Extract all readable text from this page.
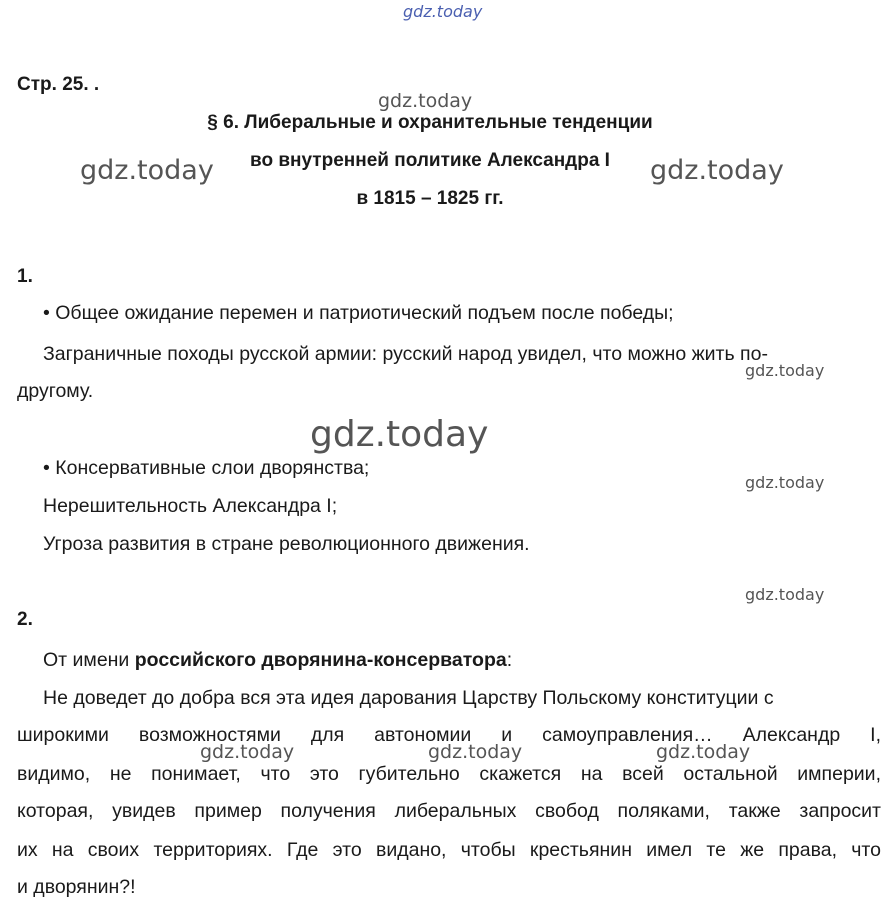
gdz.today
gdz.today
gdz.today	gdz.today
gdz.today
gdz.today
gdz.today
gdz.today
gdz.today	gdz.today	gdz.today
Стр. 25. .
§ 6. Либеральные и охранительные тенденции
во внутренней политике Александра I
в 1815 – 1825 гг.
1.
• Общее ожидание перемен и патриотический подъем после победы;
Заграничные походы русской армии: русский народ увидел, что можно жить по-
другому.
• Консервативные слои дворянства;
Нерешительность Александра I;
Угроза развития в стране революционного движения.
2.
От имени российского дворянина-консерватора:
Не доведет до добра вся эта идея дарования Царству Польскому конституции с
широкими возможностями для автономии и самоуправления… Александр I,
видимо, не понимает, что это губительно скажется на всей остальной империи,
которая, увидев пример получения либеральных свобод поляками, также запросит
их на своих территориях. Где это видано, чтобы крестьянин имел те же права, что
и дворянин?!
